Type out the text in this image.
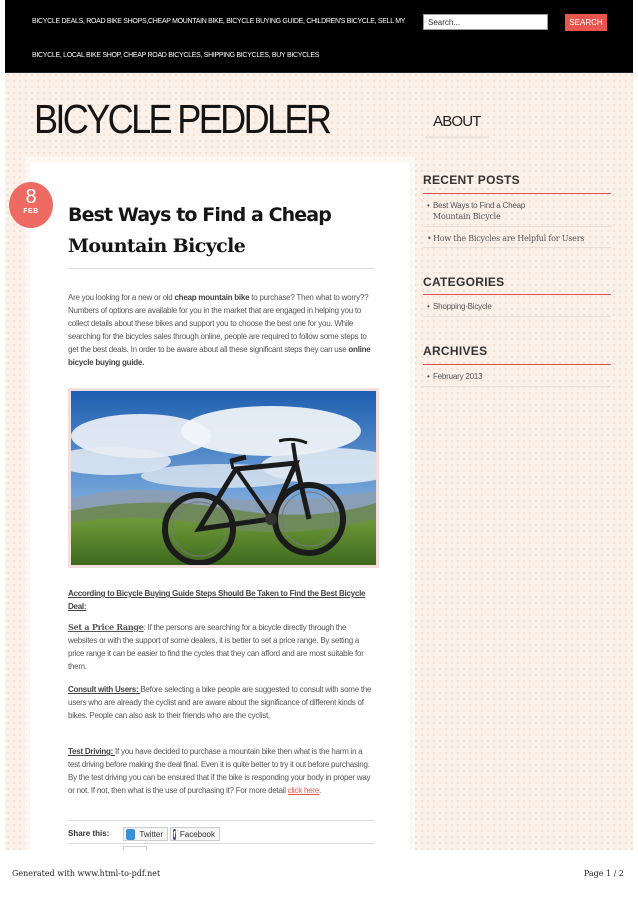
BICYCLE DEALS, ROAD BIKE SHOPS,CHEAP MOUNTAIN BIKE, BICYCLE BUYING GUIDE, CHILDREN'S BICYCLE, SELL MY
BICYCLE, LOCAL BIKE SHOP, CHEAP ROAD BICYCLES, SHIPPING BICYCLES, BUY BICYCLES
Search...
SEARCH
BICYCLE PEDDLER	ABOUT
8
FEB	Best Ways to Find a Cheap
Mountain Bicycle

Are you looking for a new or old cheap mountain bike to purchase? Then what to worry?? Numbers of options are available for you in the market that are engaged in helping you to collect details about these bikes and support you to choose the best one for you. While searching for the bicycles sales through online, people are required to follow some steps to get the best deals. In order to be aware about all these significant steps they can use online bicycle buying guide.

According to Bicycle Buying Guide Steps Should Be Taken to Find the Best Bicycle Deal:

Set a Price Range: If the persons are searching for a bicycle directly through the websites or with the support of some dealers, it is better to set a price range. By setting a price range it can be easier to find the cycles that they can afford and are most suitable for them.

Consult with Users: Before selecting a bike people are suggested to consult with some the users who are already the cyclist and are aware about the significance of different kinds of bikes. People can also ask to their friends who are the cyclist.

Test Driving: If you have decided to purchase a mountain bike then what is the harm in a test driving before making the deal final. Even it is quite better to try it out before purchasing. By the test driving you can be ensured that if the bike is responding your body in proper way or not. If not, then what is the use of purchasing it? For more detail click here.

Share this:	Twitter f Facebook
RECENT POSTS
• Best Ways to Find a Cheap
Mountain Bicycle
• How the Bicycles are Helpful for Users
CATEGORIES
• Shopping-Bicycle
ARCHIVES
• February 2013
Generated with www.html-to-pdf.net	Page 1 / 2
